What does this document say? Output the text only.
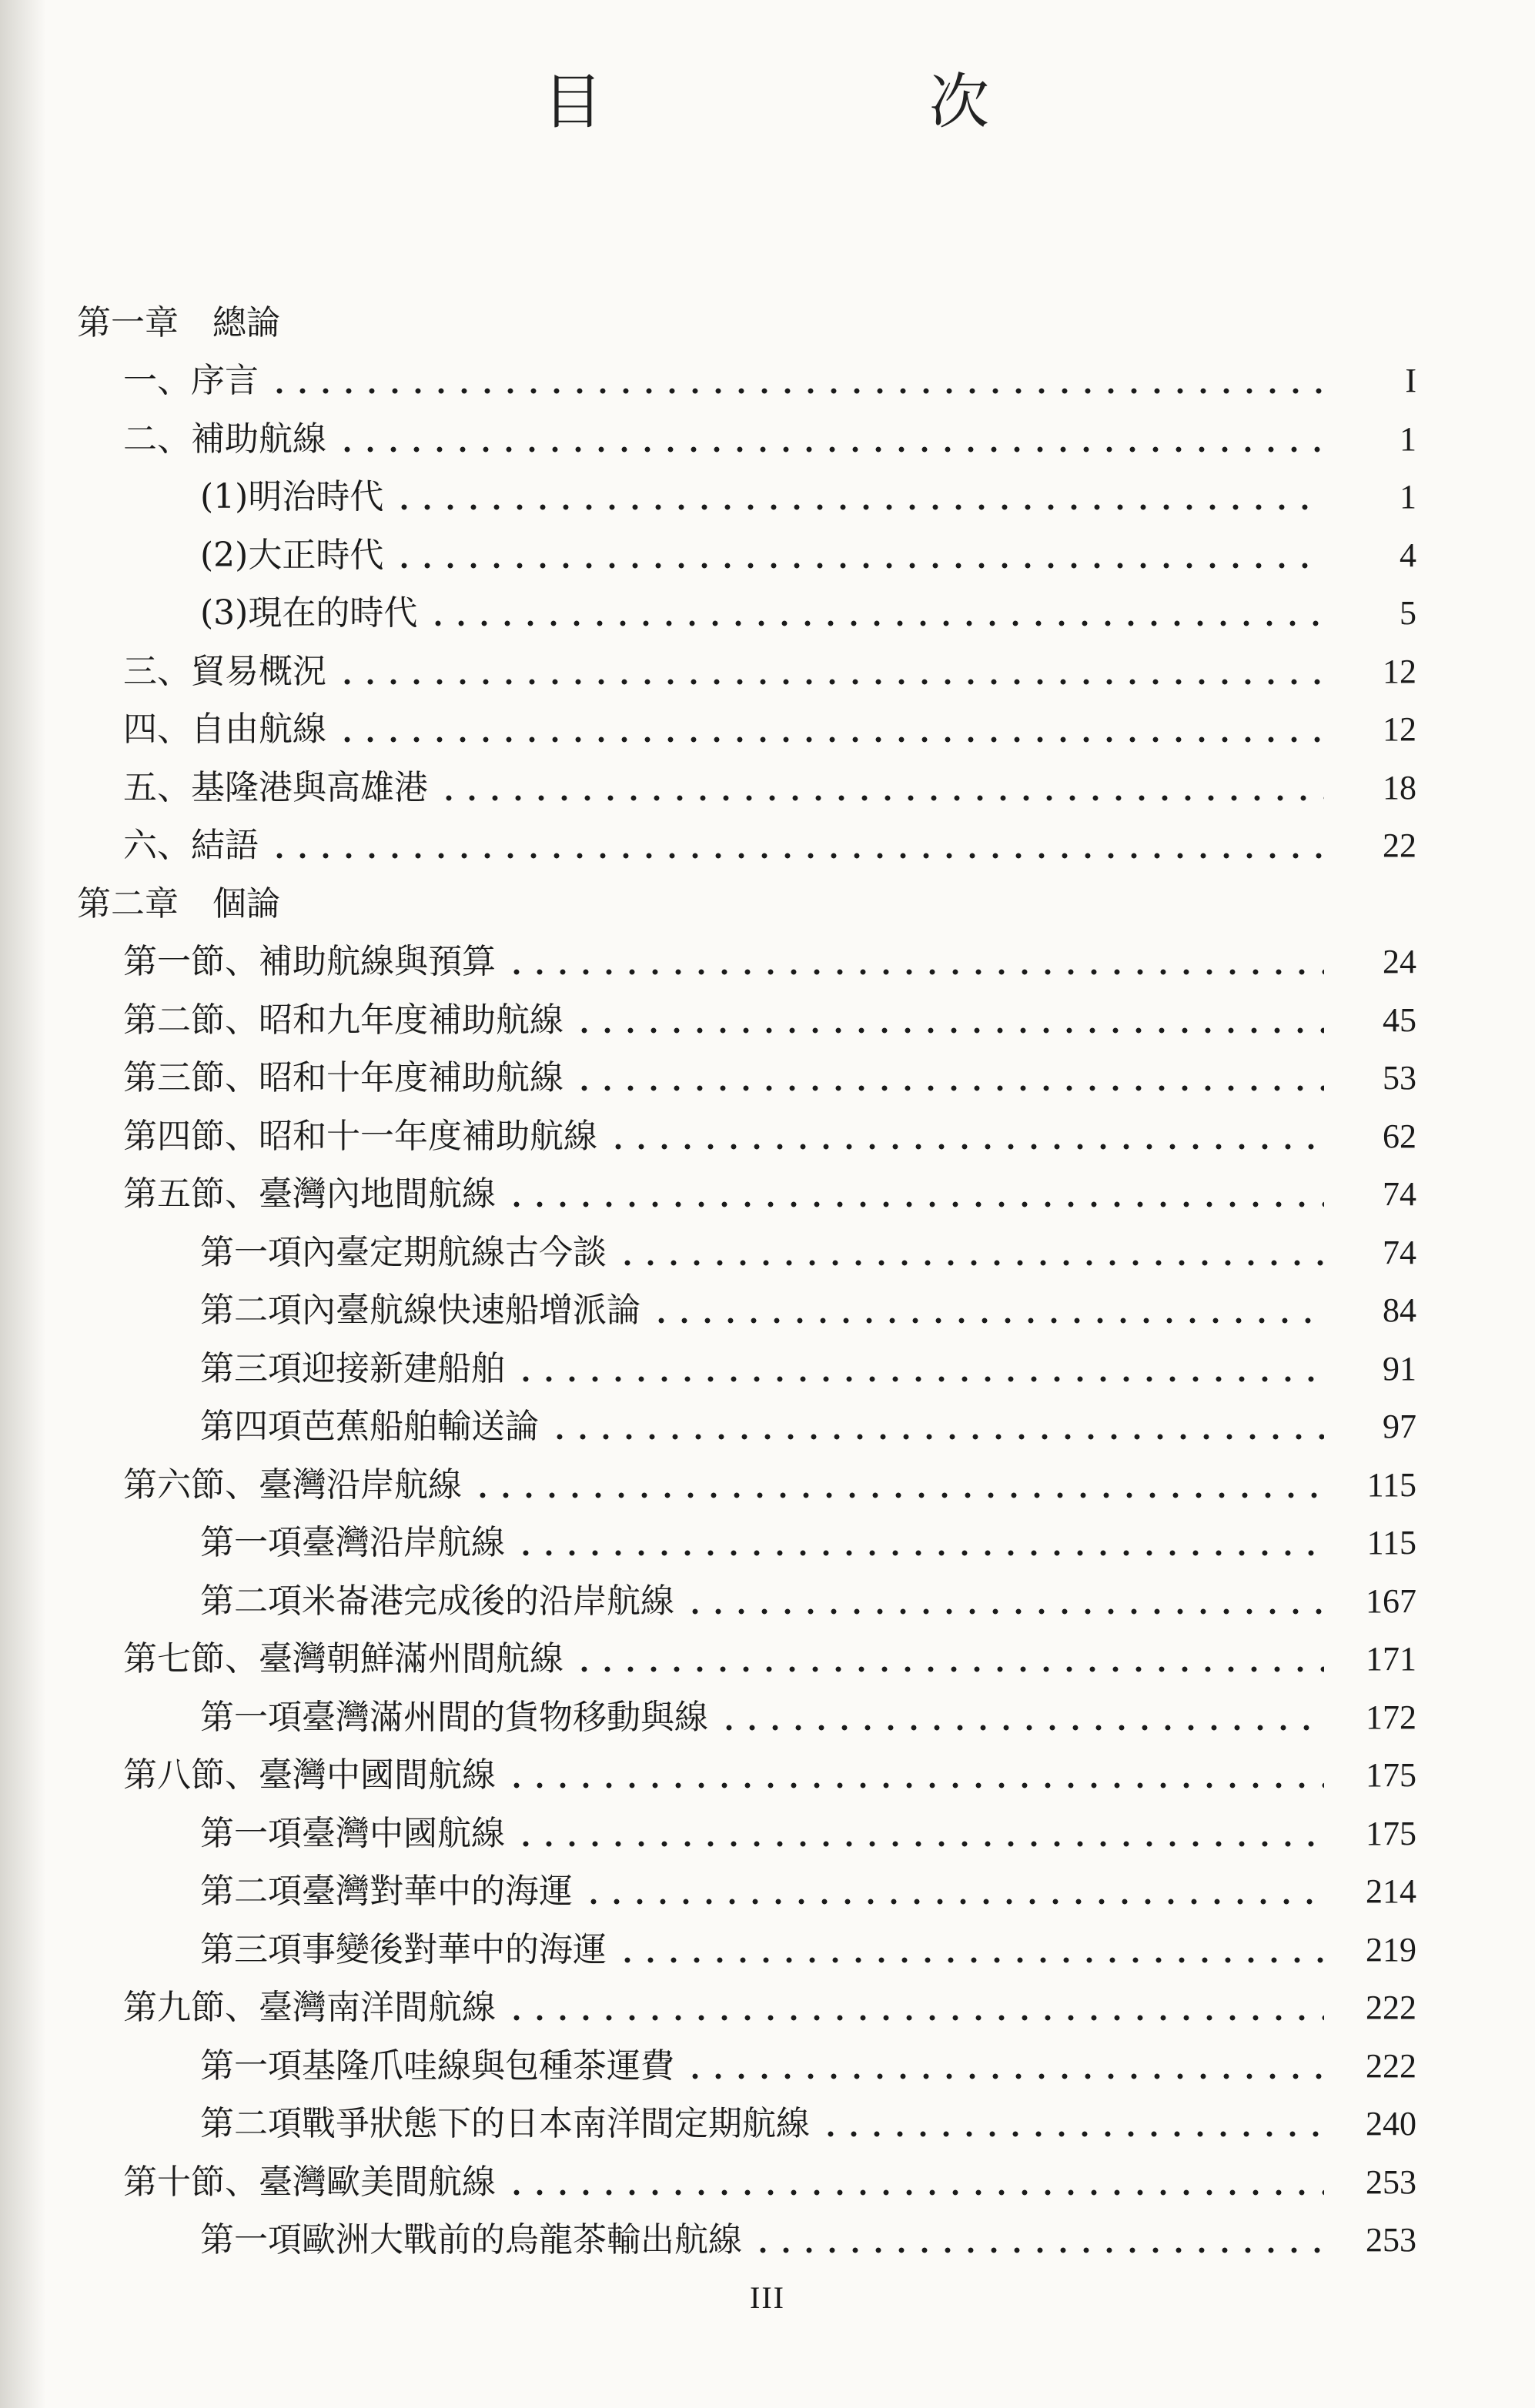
目	次
第一章　總論
一、序言	I
二、補助航線	1
(1)明治時代	1
(2)大正時代	4
(3)現在的時代	5
三、貿易概況	12
四、自由航線	12
五、基隆港與高雄港	18
六、結語	22
第二章　個論
第一節、補助航線與預算	24
第二節、昭和九年度補助航線	45
第三節、昭和十年度補助航線	53
第四節、昭和十一年度補助航線	62
第五節、臺灣內地間航線	74
第一項內臺定期航線古今談	74
第二項內臺航線快速船增派論	84
第三項迎接新建船舶	91
第四項芭蕉船舶輸送論	97
第六節、臺灣沿岸航線	115
第一項臺灣沿岸航線	115
第二項米崙港完成後的沿岸航線	167
第七節、臺灣朝鮮滿州間航線	171
第一項臺灣滿州間的貨物移動與線	172
第八節、臺灣中國間航線	175
第一項臺灣中國航線	175
第二項臺灣對華中的海運	214
第三項事變後對華中的海運	219
第九節、臺灣南洋間航線	222
第一項基隆爪哇線與包種茶運費	222
第二項戰爭狀態下的日本南洋間定期航線	240
第十節、臺灣歐美間航線	253
第一項歐洲大戰前的烏龍茶輸出航線	253
III
